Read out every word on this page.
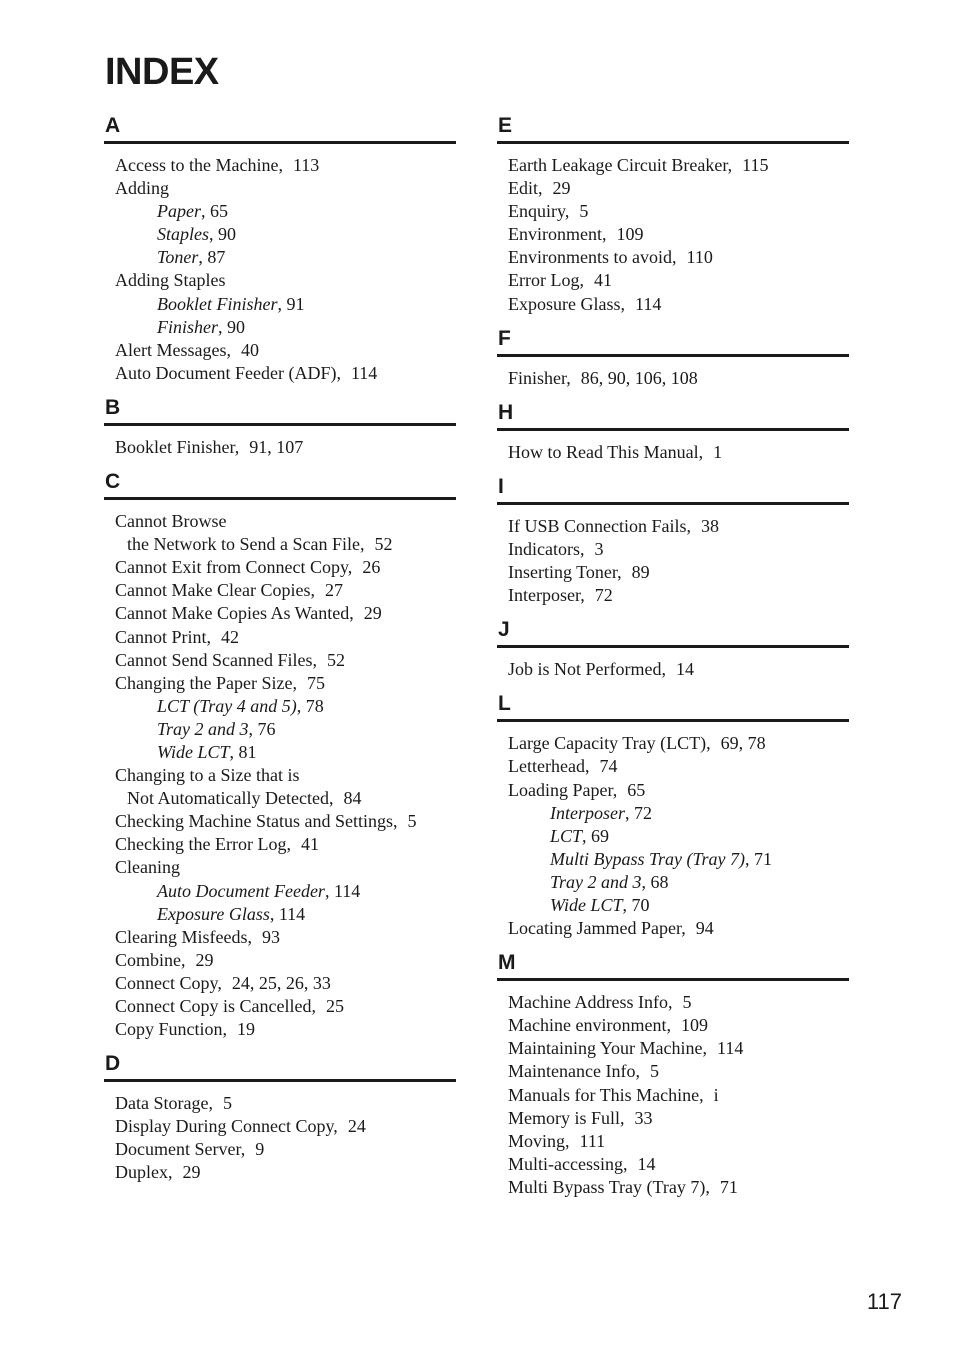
INDEX
A
Access to the Machine, 113
Adding
Paper, 65
Staples, 90
Toner, 87
Adding Staples
Booklet Finisher, 91
Finisher, 90
Alert Messages, 40
Auto Document Feeder (ADF), 114
B
Booklet Finisher, 91, 107
C
Cannot Browse
the Network to Send a Scan File, 52
Cannot Exit from Connect Copy, 26
Cannot Make Clear Copies, 27
Cannot Make Copies As Wanted, 29
Cannot Print, 42
Cannot Send Scanned Files, 52
Changing the Paper Size, 75
LCT (Tray 4 and 5), 78
Tray 2 and 3, 76
Wide LCT, 81
Changing to a Size that is
Not Automatically Detected, 84
Checking Machine Status and Settings, 5
Checking the Error Log, 41
Cleaning
Auto Document Feeder, 114
Exposure Glass, 114
Clearing Misfeeds, 93
Combine, 29
Connect Copy, 24, 25, 26, 33
Connect Copy is Cancelled, 25
Copy Function, 19
D
Data Storage, 5
Display During Connect Copy, 24
Document Server, 9
Duplex, 29
E
Earth Leakage Circuit Breaker, 115
Edit, 29
Enquiry, 5
Environment, 109
Environments to avoid, 110
Error Log, 41
Exposure Glass, 114
F
Finisher, 86, 90, 106, 108
H
How to Read This Manual, 1
I
If USB Connection Fails, 38
Indicators, 3
Inserting Toner, 89
Interposer, 72
J
Job is Not Performed, 14
L
Large Capacity Tray (LCT), 69, 78
Letterhead, 74
Loading Paper, 65
Interposer, 72
LCT, 69
Multi Bypass Tray (Tray 7), 71
Tray 2 and 3, 68
Wide LCT, 70
Locating Jammed Paper, 94
M
Machine Address Info, 5
Machine environment, 109
Maintaining Your Machine, 114
Maintenance Info, 5
Manuals for This Machine, i
Memory is Full, 33
Moving, 111
Multi-accessing, 14
Multi Bypass Tray (Tray 7), 71
117
